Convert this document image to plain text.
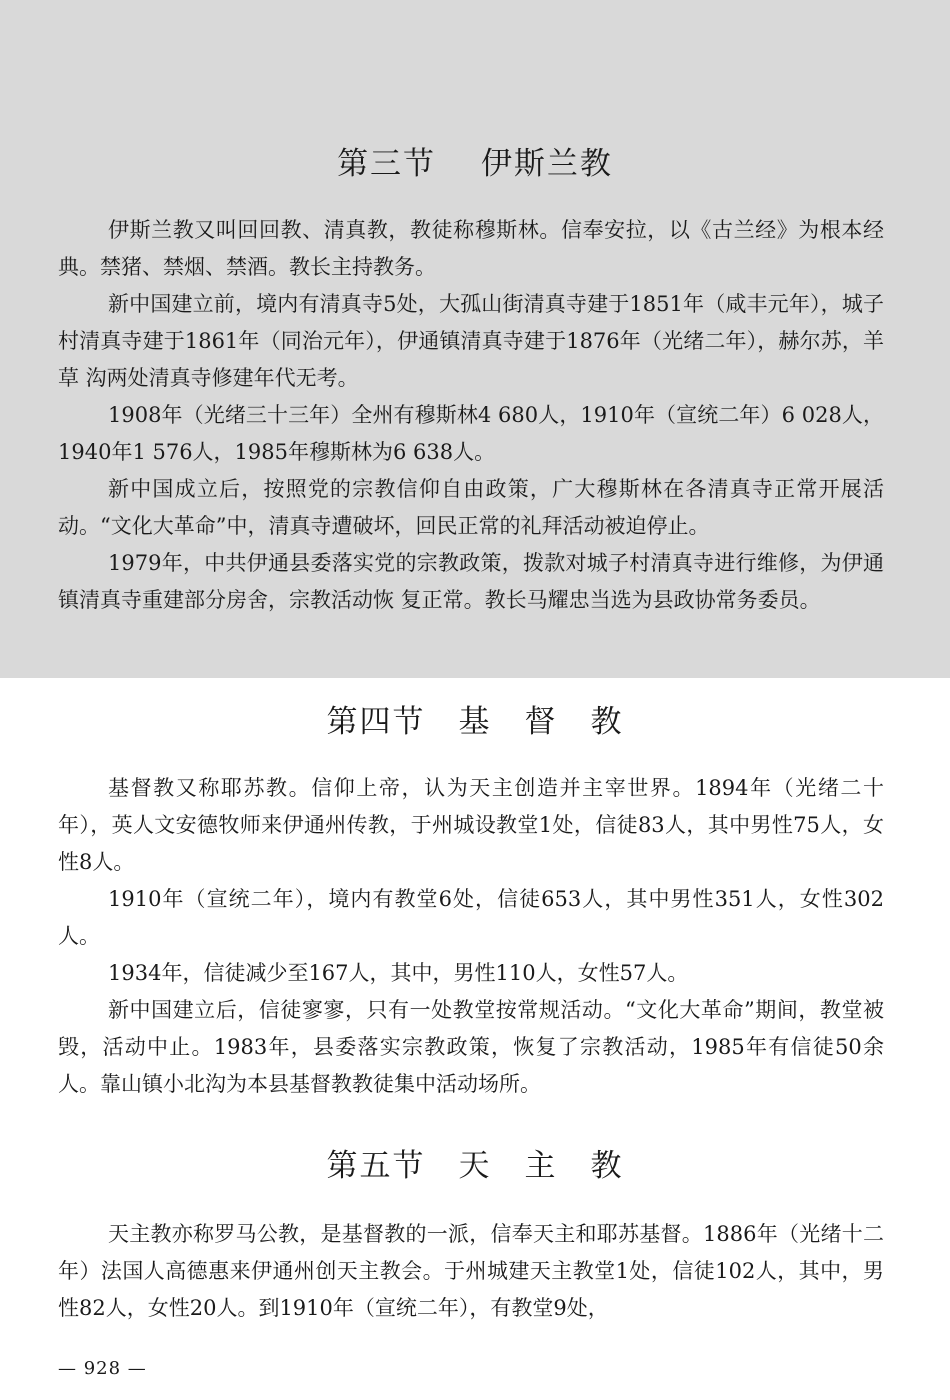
第三节　 伊斯兰教

伊斯兰教又叫回回教、清真教，教徒称穆斯林。信奉安拉，以《古兰经》为根本经典。禁猪、禁烟、禁酒。教长主持教务。

新中国建立前，境内有清真寺5处，大孤山街清真寺建于1851年（咸丰元年），城子村清真寺建于1861年（同治元年），伊通镇清真寺建于1876年（光绪二年），赫尔苏，羊草 沟两处清真寺修建年代无考。

1908年（光绪三十三年）全州有穆斯林4 680人，1910年（宣统二年）6 028人，1940年1 576人，1985年穆斯林为6 638人。

新中国成立后，按照党的宗教信仰自由政策，广大穆斯林在各清真寺正常开展活动。“文化大革命”中，清真寺遭破坏，回民正常的礼拜活动被迫停止。

1979年，中共伊通县委落实党的宗教政策，拨款对城子村清真寺进行维修，为伊通镇清真寺重建部分房舍，宗教活动恢 复正常。教长马耀忠当选为县政协常务委员。

第四节　基　督　教

基督教又称耶苏教。信仰上帝，认为天主创造并主宰世界。1894年（光绪二十年），英人文安德牧师来伊通州传教，于州城设教堂1处，信徒83人，其中男性75人，女性8人。

1910年（宣统二年），境内有教堂6处，信徒653人，其中男性351人，女性302人。

1934年，信徒减少至167人，其中，男性110人，女性57人。

新中国建立后，信徒寥寥，只有一处教堂按常规活动。“文化大革命”期间，教堂被毁，活动中止。1983年，县委落实宗教政策，恢复了宗教活动，1985年有信徒50余人。靠山镇小北沟为本县基督教教徒集中活动场所。

第五节　天　主　教

天主教亦称罗马公教，是基督教的一派，信奉天主和耶苏基督。1886年（光绪十二年）法国人高德惠来伊通州创天主教会。于州城建天主教堂1处，信徒102人，其中，男性82人，女性20人。到1910年（宣统二年），有教堂9处，

— 928 —
